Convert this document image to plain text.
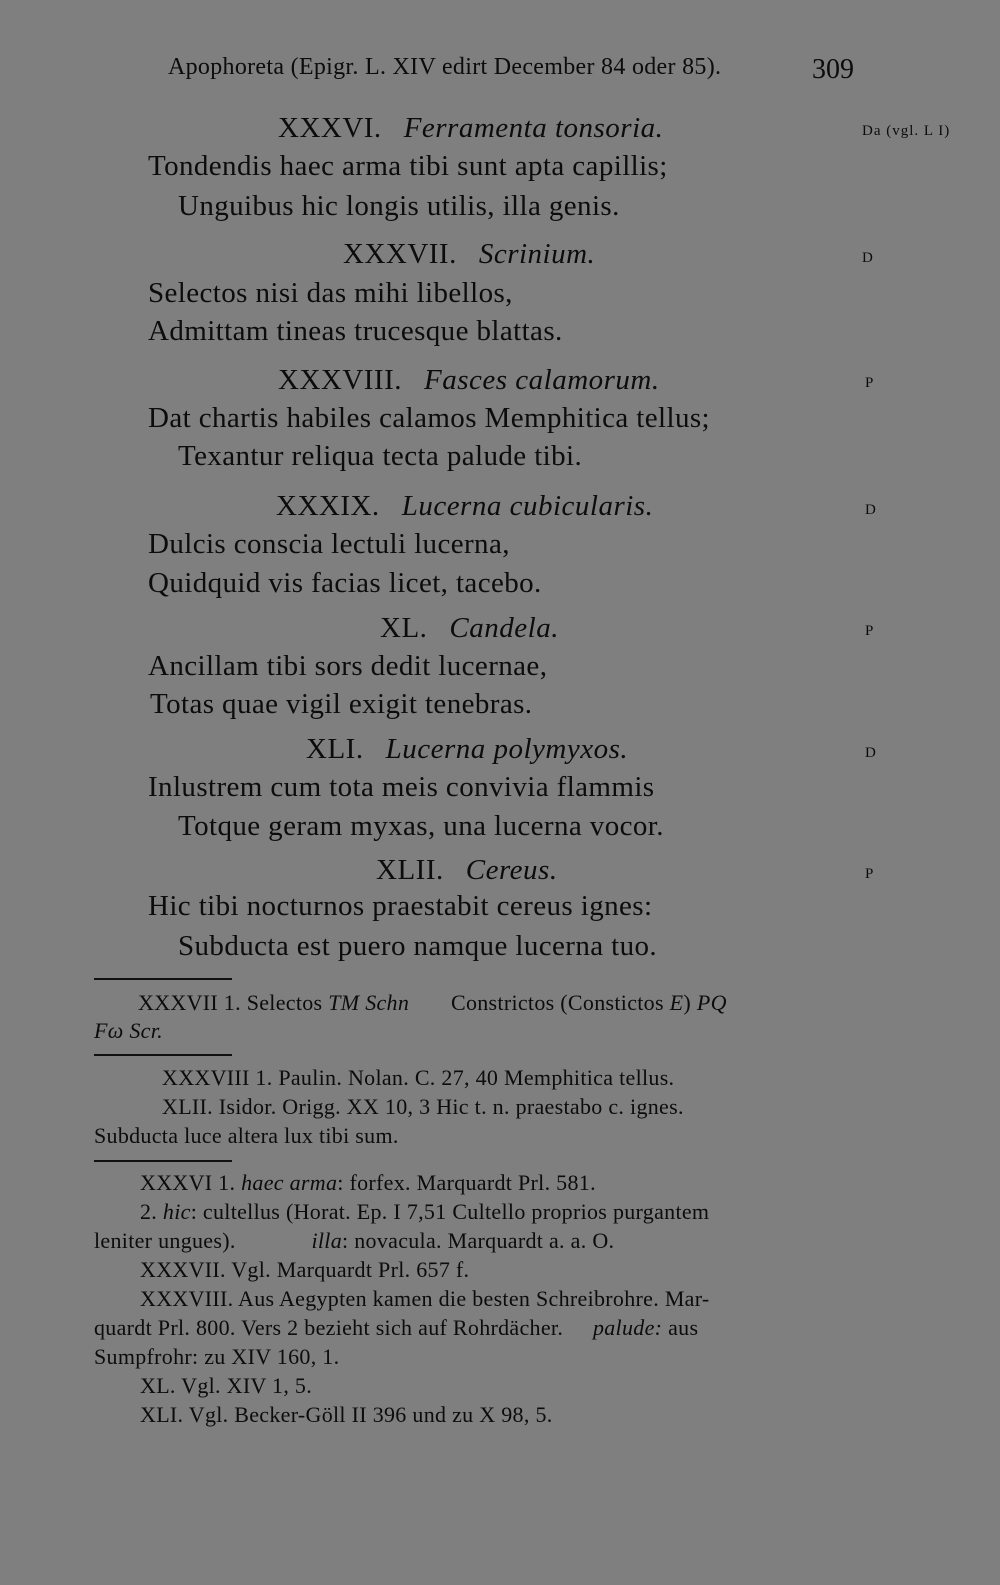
Apophoreta (Epigr. L. XIV edirt December 84 oder 85).	309
XXXVI. Ferramenta tonsoria.	Da (vgl. L I)
Tondendis haec arma tibi sunt apta capillis;
Unguibus hic longis utilis, illa genis.
XXXVII. Scrinium.	D
Selectos nisi das mihi libellos,
Admittam tineas trucesque blattas.
XXXVIII. Fasces calamorum.	P
Dat chartis habiles calamos Memphitica tellus;
Texantur reliqua tecta palude tibi.
XXXIX. Lucerna cubicularis.	D
Dulcis conscia lectuli lucerna,
Quidquid vis facias licet, tacebo.
XL. Candela.	P
Ancillam tibi sors dedit lucernae,
Totas quae vigil exigit tenebras.
XLI. Lucerna polymyxos.	D
Inlustrem cum tota meis convivia flammis
Totque geram myxas, una lucerna vocor.
XLII. Cereus.	P
Hic tibi nocturnos praestabit cereus ignes:
Subducta est puero namque lucerna tuo.
XXXVII 1. Selectos TM Schn Constrictos (Constictos E) PQ
Fω Scr.
XXXVIII 1. Paulin. Nolan. C. 27, 40 Memphitica tellus.
XLII. Isidor. Origg. XX 10, 3 Hic t. n. praestabo c. ignes.
Subducta luce altera lux tibi sum.
XXXVI 1. haec arma: forfex. Marquardt Prl. 581.
2. hic: cultellus (Horat. Ep. I 7,51 Cultello proprios purgantem
leniter ungues).	illa: novacula. Marquardt a. a. O.
XXXVII. Vgl. Marquardt Prl. 657 f.
XXXVIII. Aus Aegypten kamen die besten Schreibrohre. Mar-
quardt Prl. 800. Vers 2 bezieht sich auf Rohrdächer. palude: aus
Sumpfrohr: zu XIV 160, 1.
XL. Vgl. XIV 1, 5.
XLI. Vgl. Becker-Göll II 396 und zu X 98, 5.
